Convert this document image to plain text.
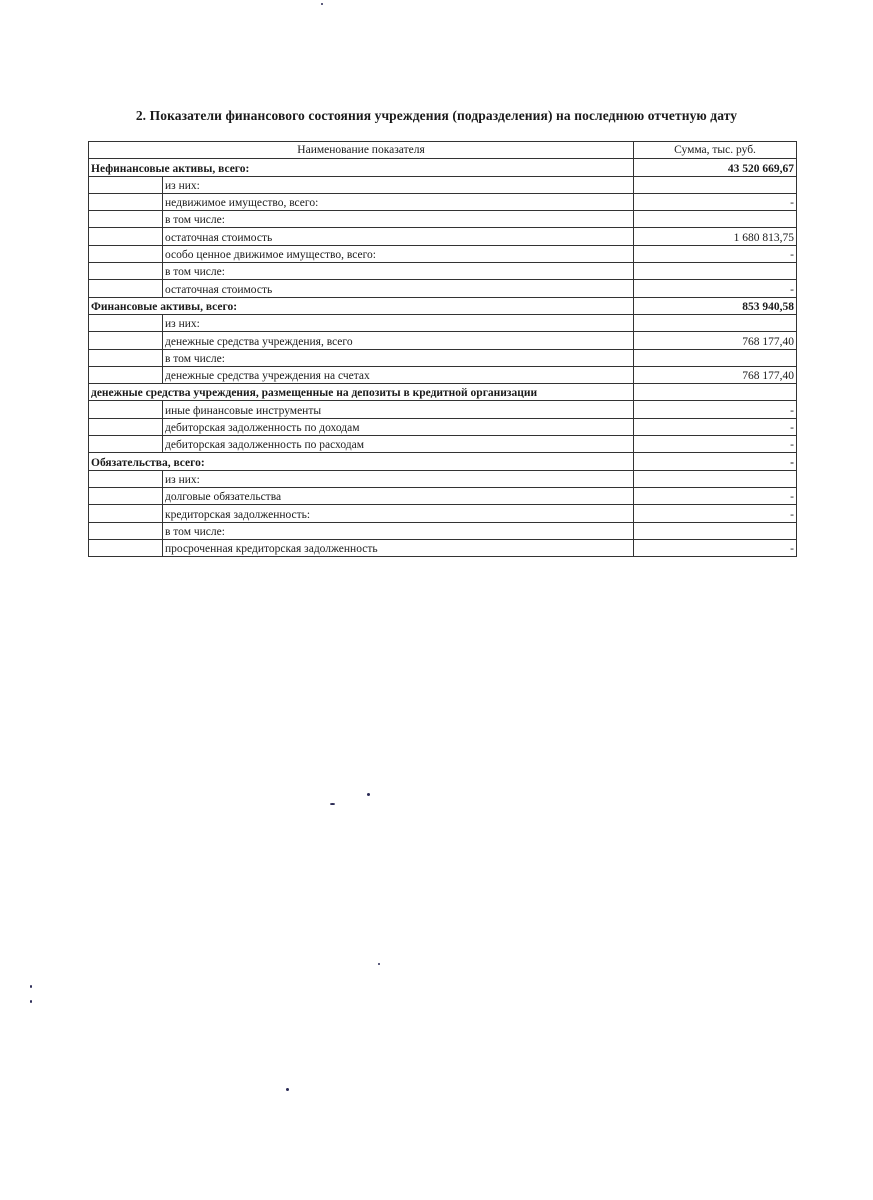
2. Показатели финансового состояния учреждения (подразделения) на последнюю отчетную дату
Наименование показателя		Сумма, тыс. руб.
Нефинансовые активы, всего:		43 520 669,67
	из них:	
	недвижимое имущество, всего:	-
	в том числе:	
	остаточная стоимость	1 680 813,75
	особо ценное движимое имущество, всего:	-
	в том числе:	
	остаточная стоимость	-
Финансовые активы, всего:		853 940,58
	из них:	
	денежные средства учреждения, всего	768 177,40
	в том числе:	
	денежные средства учреждения на счетах	768 177,40
денежные средства учреждения, размещенные на депозиты в кредитной организации		
	иные финансовые инструменты	-
	дебиторская задолженность по доходам	-
	дебиторская задолженность по расходам	-
Обязательства, всего:		-
	из них:	
	долговые обязательства	-
	кредиторская задолженность:	-
	в том числе:	
	просроченная кредиторская задолженность	-
